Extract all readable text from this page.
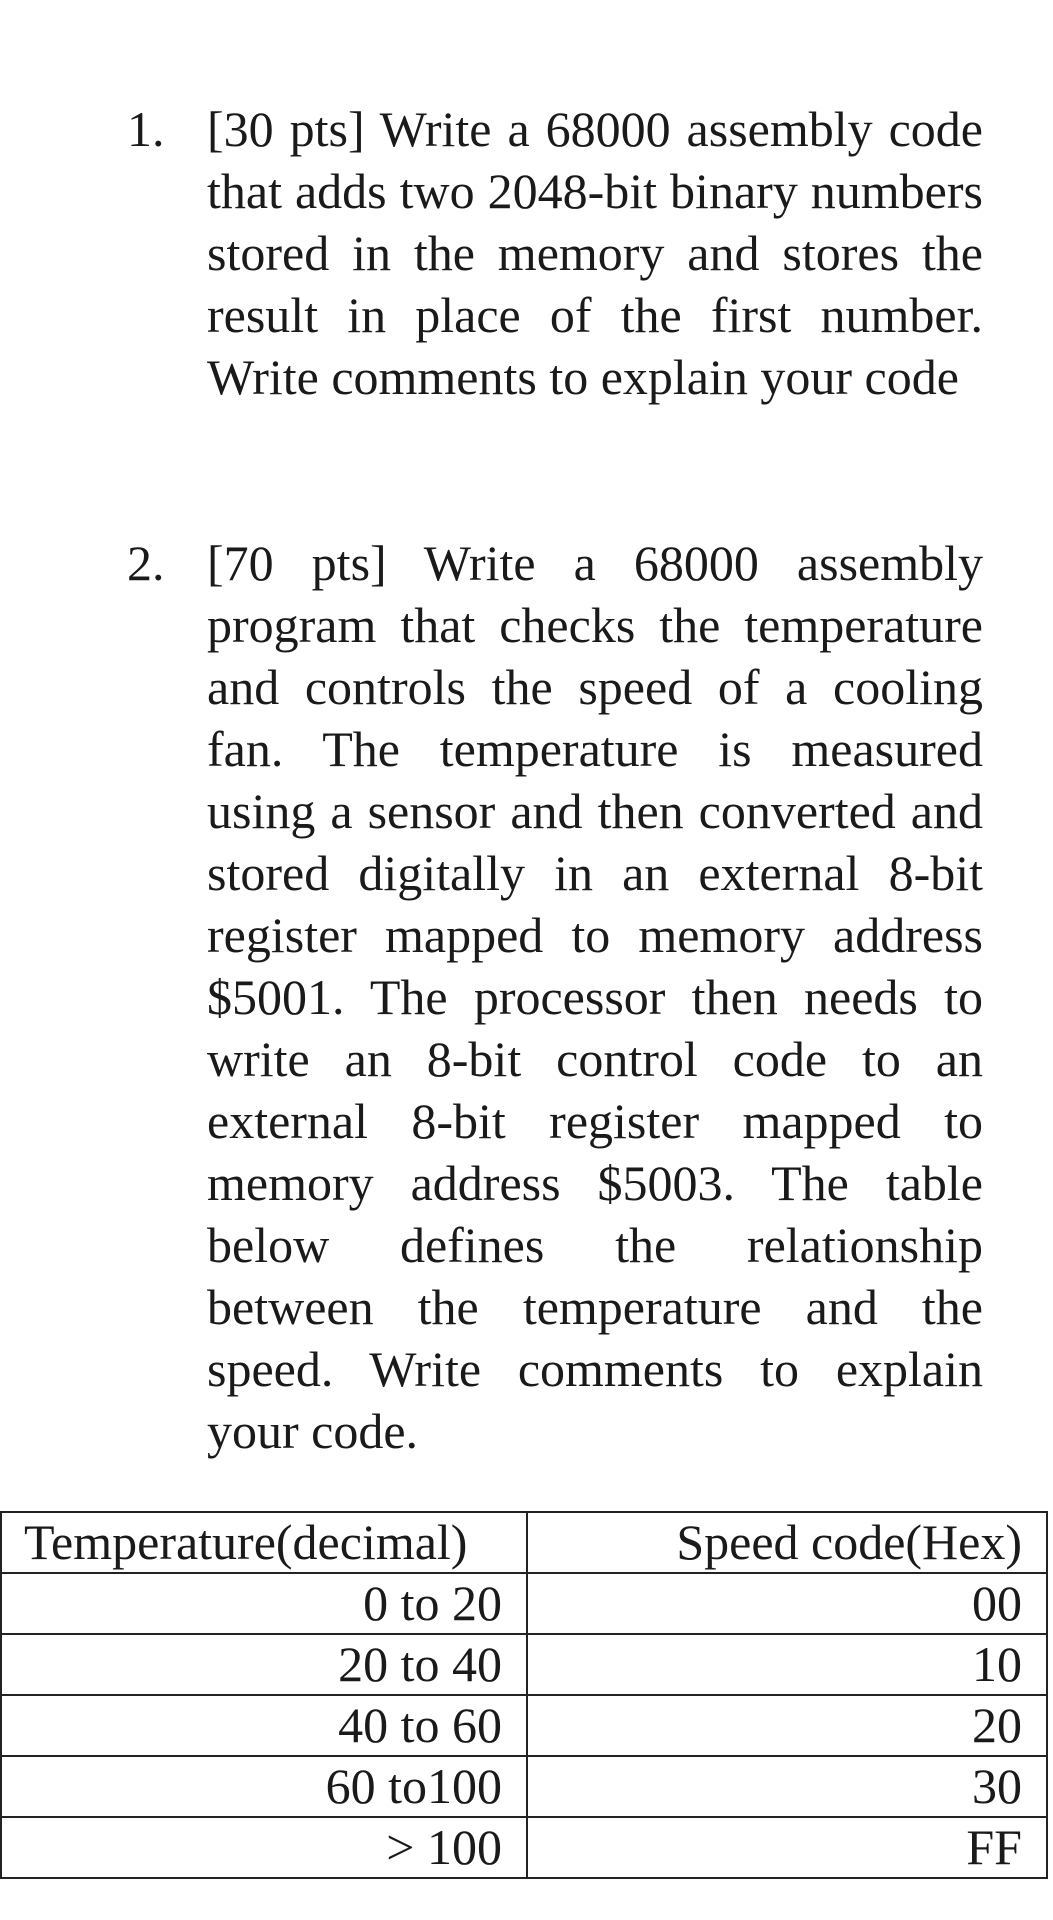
1. [30 pts] Write a 68000 assembly code that adds two 2048-bit binary numbers stored in the memory and stores the result in place of the first number. Write comments to explain your code

2. [70 pts] Write a 68000 assembly program that checks the temperature and controls the speed of a cooling fan. The temperature is measured using a sensor and then converted and stored digitally in an external 8-bit register mapped to memory address $5001. The processor then needs to write an 8-bit control code to an external 8-bit register mapped to memory address $5003. The table below defines the relationship between the temperature and the speed. Write comments to explain your code.

Temperature(decimal)	Speed code(Hex)
0 to 20	00
20 to 40	10
40 to 60	20
60 to100	30
> 100	FF
